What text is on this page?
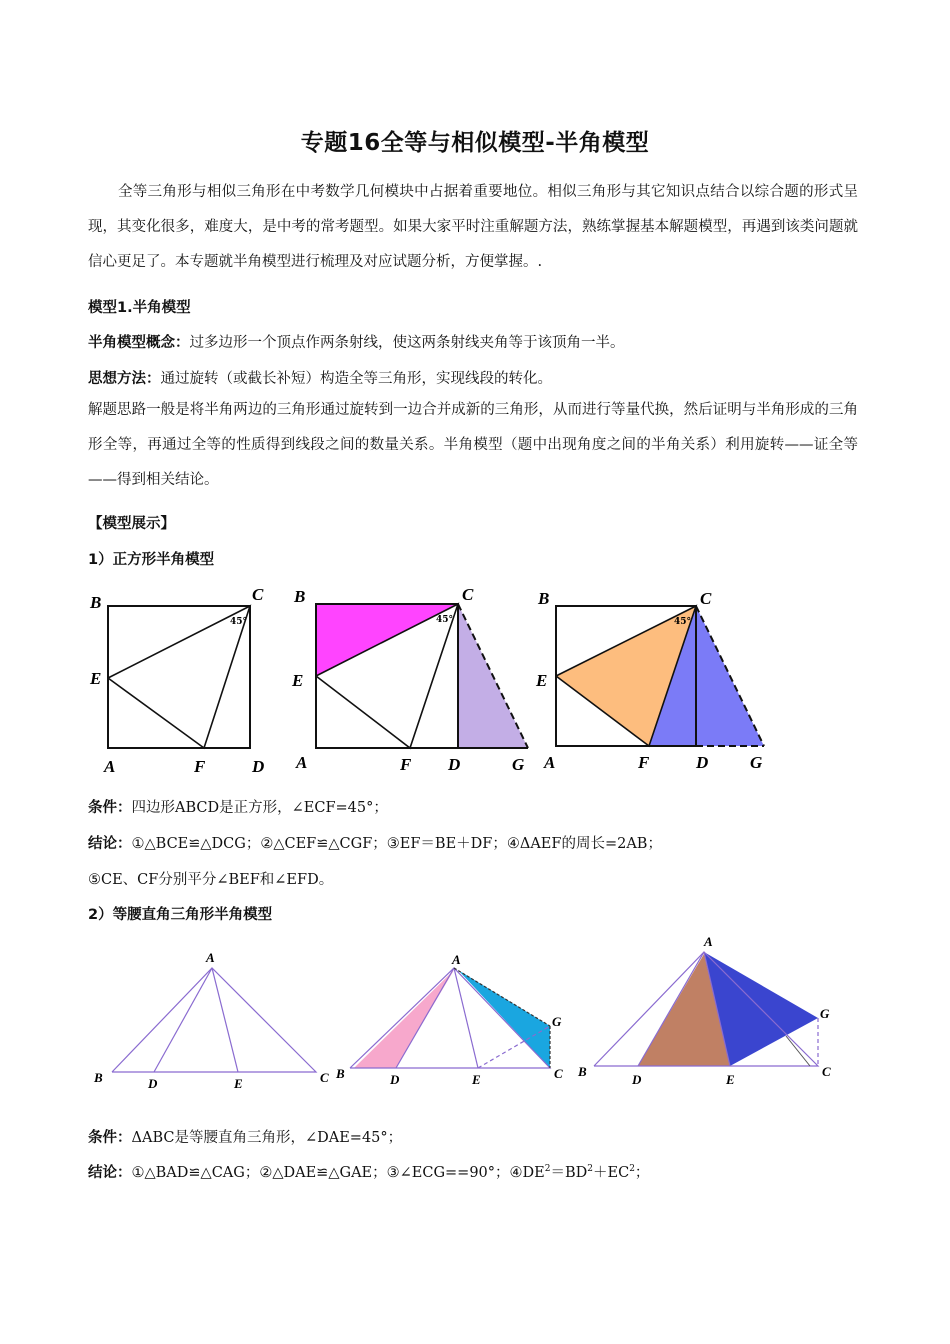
专题16全等与相似模型-半角模型
全等三角形与相似三角形在中考数学几何模块中占据着重要地位。相似三角形与其它知识点结合以综合题的形式呈现，其变化很多，难度大，是中考的常考题型。如果大家平时注重解题方法，熟练掌握基本解题模型，再遇到该类问题就信心更足了。本专题就半角模型进行梳理及对应试题分析，方便掌握。.
模型1.半角模型
半角模型概念：过多边形一个顶点作两条射线，使这两条射线夹角等于该顶角一半。
思想方法：通过旋转（或截长补短）构造全等三角形，实现线段的转化。
解题思路一般是将半角两边的三角形通过旋转到一边合并成新的三角形，从而进行等量代换，然后证明与半角形成的三角形全等，再通过全等的性质得到线段之间的数量关系。半角模型（题中出现角度之间的半角关系）利用旋转——证全等——得到相关结论。
【模型展示】
1）正方形半角模型
B	C
E
A	F	D
45°
B	C
E
A	F D	G
45°
B	C
E
A	F	D G
45°
条件：四边形ABCD是正方形，∠ECF=45°；
结论：①△BCE≌△DCG；②△CEF≌△CGF；③EF＝BE＋DF；④ΔAEF的周长=2AB；
⑤CE、CF分别平分∠BEF和∠EFD。
2）等腰直角三角形半角模型
A
B	D	E	C
A
B	D	E
G
C
A
B
D	E
G
C
条件：ΔABC是等腰直角三角形，∠DAE=45°；
结论：①△BAD≌△CAG；②△DAE≌△GAE；③∠ECG==90°；$④DE^2=BD^2+EC^2$；
